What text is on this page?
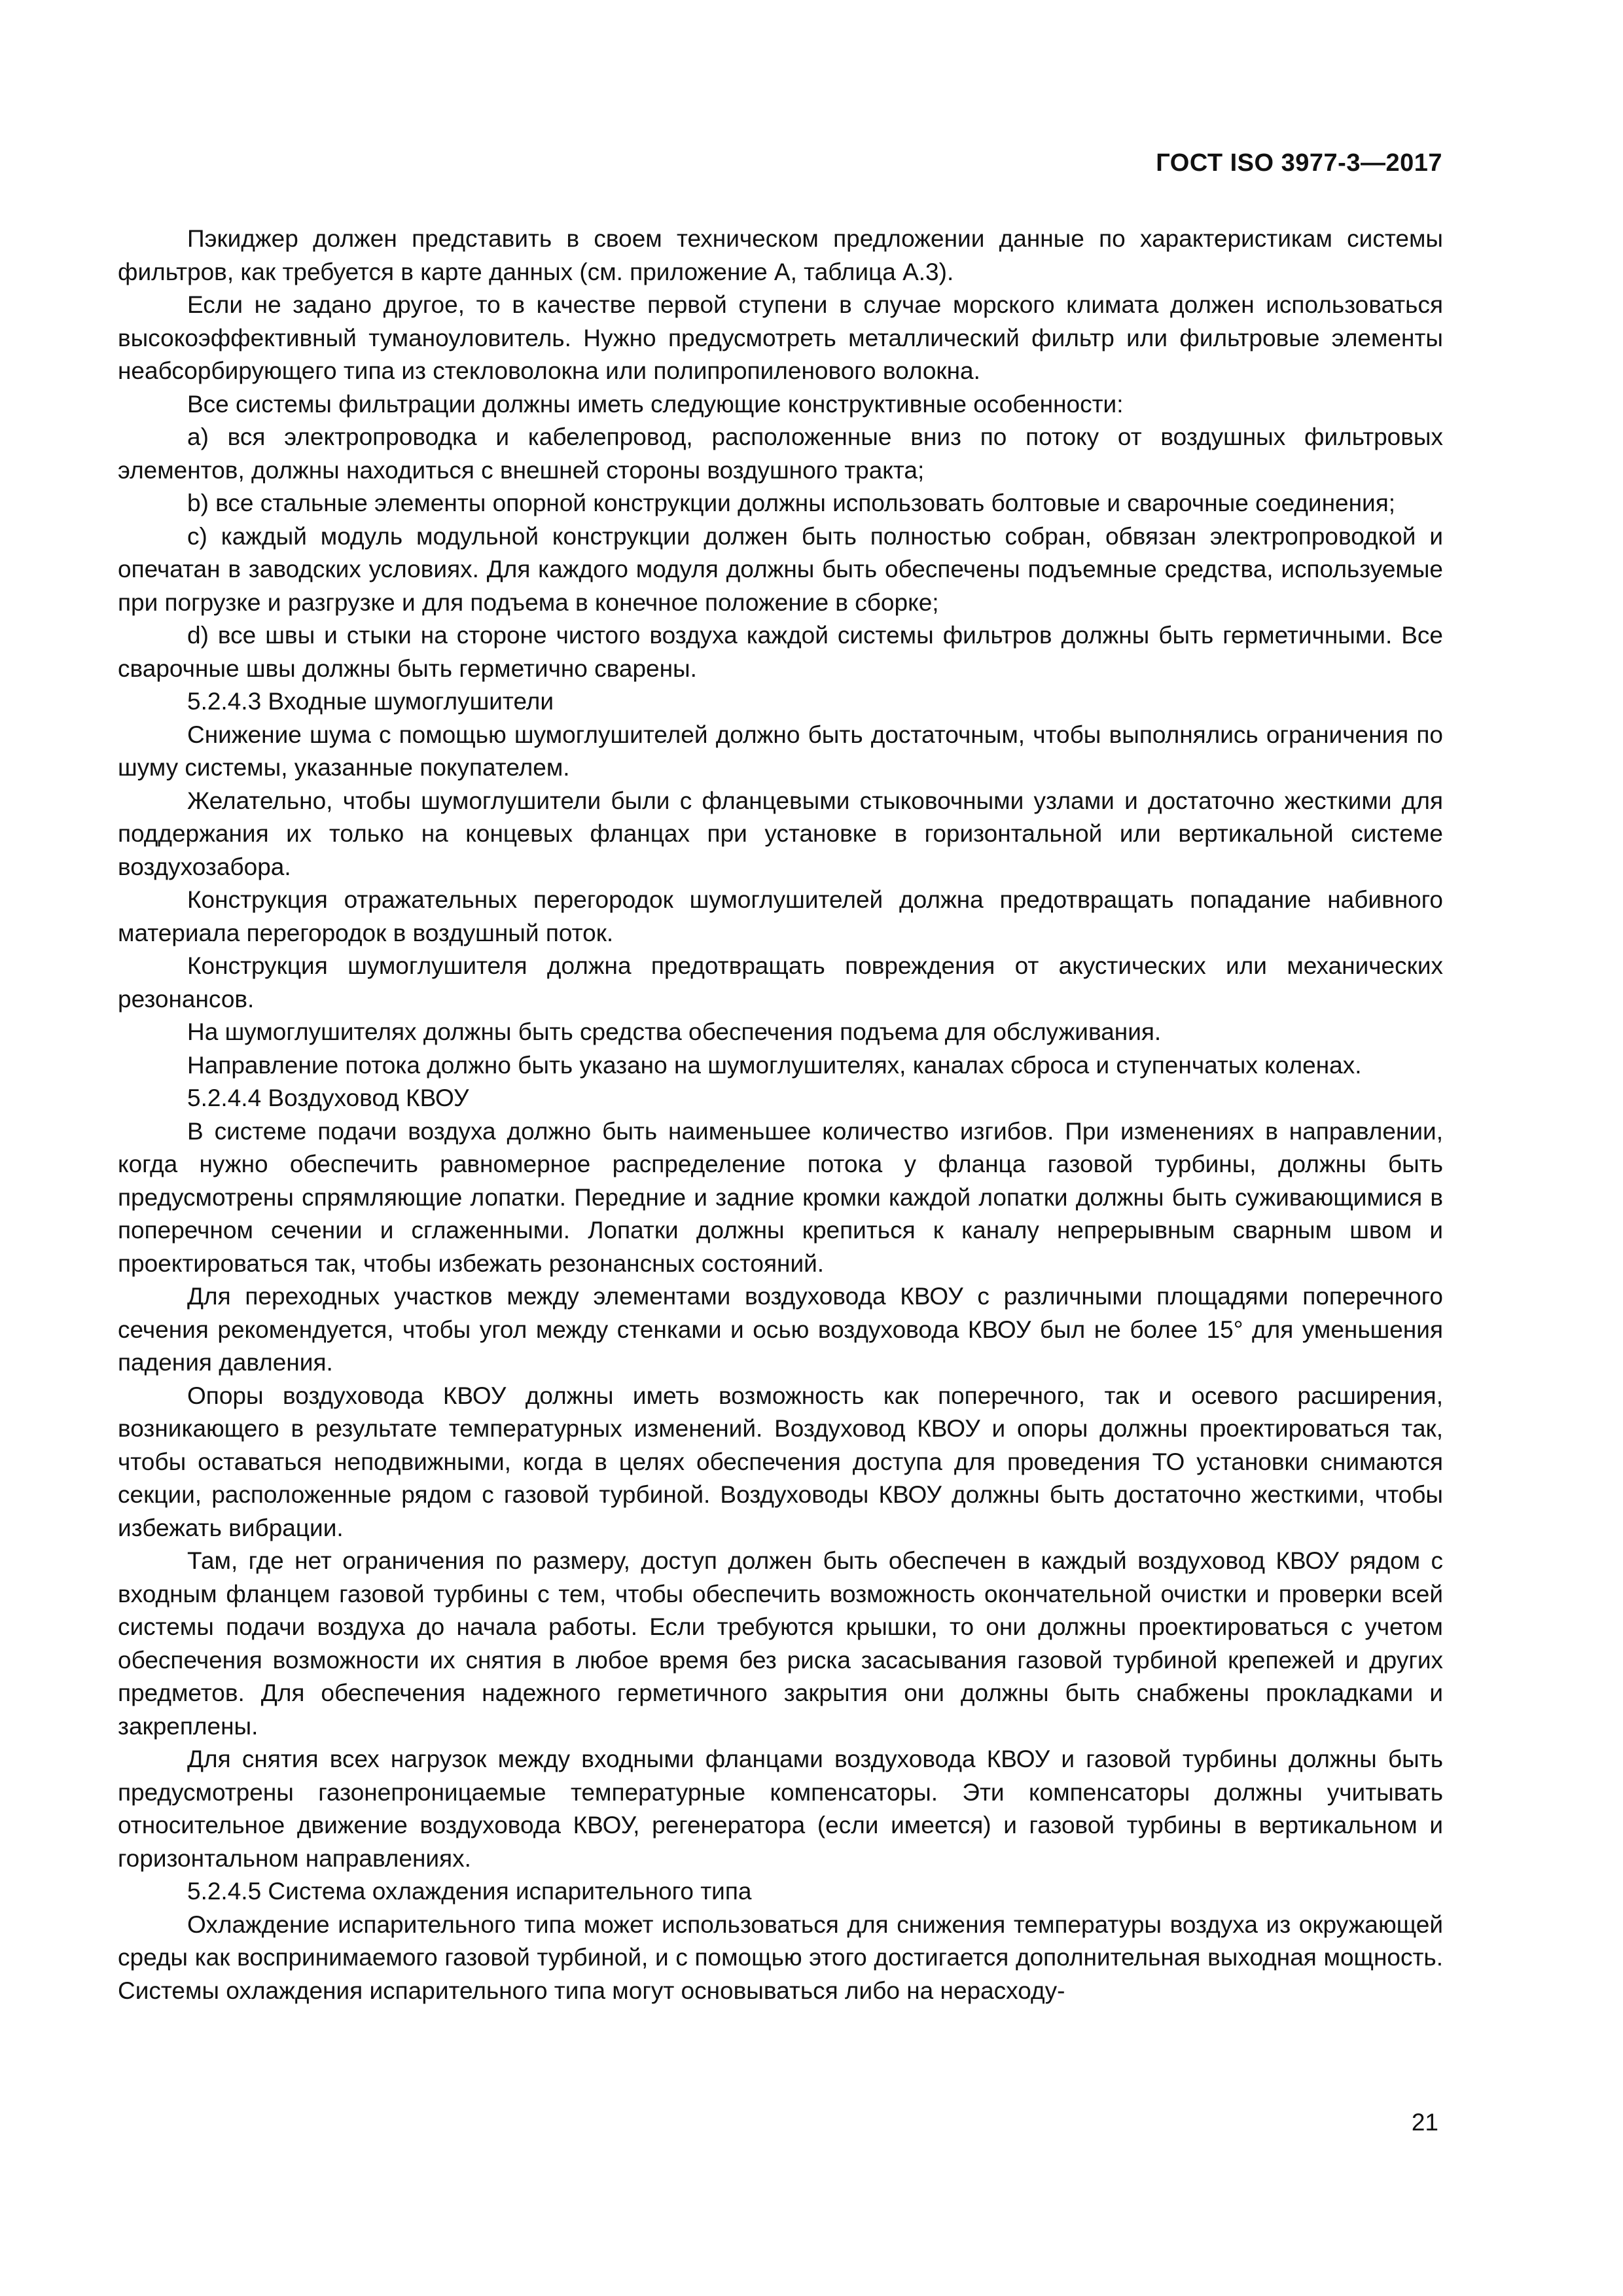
ГОСТ ISO 3977-3—2017

Пэкиджер должен представить в своем техническом предложении данные по характеристикам системы фильтров, как требуется в карте данных (см. приложение А, таблица А.3).

Если не задано другое, то в качестве первой ступени в случае морского климата должен использоваться высокоэффективный туманоуловитель. Нужно предусмотреть металлический фильтр или фильтровые элементы неабсорбирующего типа из стекловолокна или полипропиленового волокна.

Все системы фильтрации должны иметь следующие конструктивные особенности:

a) вся электропроводка и кабелепровод, расположенные вниз по потоку от воздушных фильтровых элементов, должны находиться с внешней стороны воздушного тракта;

b) все стальные элементы опорной конструкции должны использовать болтовые и сварочные соединения;

c) каждый модуль модульной конструкции должен быть полностью собран, обвязан электропроводкой и опечатан в заводских условиях. Для каждого модуля должны быть обеспечены подъемные средства, используемые при погрузке и разгрузке и для подъема в конечное положение в сборке;

d) все швы и стыки на стороне чистого воздуха каждой системы фильтров должны быть герметичными. Все сварочные швы должны быть герметично сварены.

5.2.4.3 Входные шумоглушители

Снижение шума с помощью шумоглушителей должно быть достаточным, чтобы выполнялись ограничения по шуму системы, указанные покупателем.

Желательно, чтобы шумоглушители были с фланцевыми стыковочными узлами и достаточно жесткими для поддержания их только на концевых фланцах при установке в горизонтальной или вертикальной системе воздухозабора.

Конструкция отражательных перегородок шумоглушителей должна предотвращать попадание набивного материала перегородок в воздушный поток.

Конструкция шумоглушителя должна предотвращать повреждения от акустических или механических резонансов.

На шумоглушителях должны быть средства обеспечения подъема для обслуживания.

Направление потока должно быть указано на шумоглушителях, каналах сброса и ступенчатых коленах.

5.2.4.4 Воздуховод КВОУ

В системе подачи воздуха должно быть наименьшее количество изгибов. При изменениях в направлении, когда нужно обеспечить равномерное распределение потока у фланца газовой турбины, должны быть предусмотрены спрямляющие лопатки. Передние и задние кромки каждой лопатки должны быть суживающимися в поперечном сечении и сглаженными. Лопатки должны крепиться к каналу непрерывным сварным швом и проектироваться так, чтобы избежать резонансных состояний.

Для переходных участков между элементами воздуховода КВОУ с различными площадями поперечного сечения рекомендуется, чтобы угол между стенками и осью воздуховода КВОУ был не более 15° для уменьшения падения давления.

Опоры воздуховода КВОУ должны иметь возможность как поперечного, так и осевого расширения, возникающего в результате температурных изменений. Воздуховод КВОУ и опоры должны проектироваться так, чтобы оставаться неподвижными, когда в целях обеспечения доступа для проведения ТО установки снимаются секции, расположенные рядом с газовой турбиной. Воздуховоды КВОУ должны быть достаточно жесткими, чтобы избежать вибрации.

Там, где нет ограничения по размеру, доступ должен быть обеспечен в каждый воздуховод КВОУ рядом с входным фланцем газовой турбины с тем, чтобы обеспечить возможность окончательной очистки и проверки всей системы подачи воздуха до начала работы. Если требуются крышки, то они должны проектироваться с учетом обеспечения возможности их снятия в любое время без риска засасывания газовой турбиной крепежей и других предметов. Для обеспечения надежного герметичного закрытия они должны быть снабжены прокладками и закреплены.

Для снятия всех нагрузок между входными фланцами воздуховода КВОУ и газовой турбины должны быть предусмотрены газонепроницаемые температурные компенсаторы. Эти компенсаторы должны учитывать относительное движение воздуховода КВОУ, регенератора (если имеется) и газовой турбины в вертикальном и горизонтальном направлениях.

5.2.4.5 Система охлаждения испарительного типа

Охлаждение испарительного типа может использоваться для снижения температуры воздуха из окружающей среды как воспринимаемого газовой турбиной, и с помощью этого достигается дополнительная выходная мощность. Системы охлаждения испарительного типа могут основываться либо на нерасходу-

21
